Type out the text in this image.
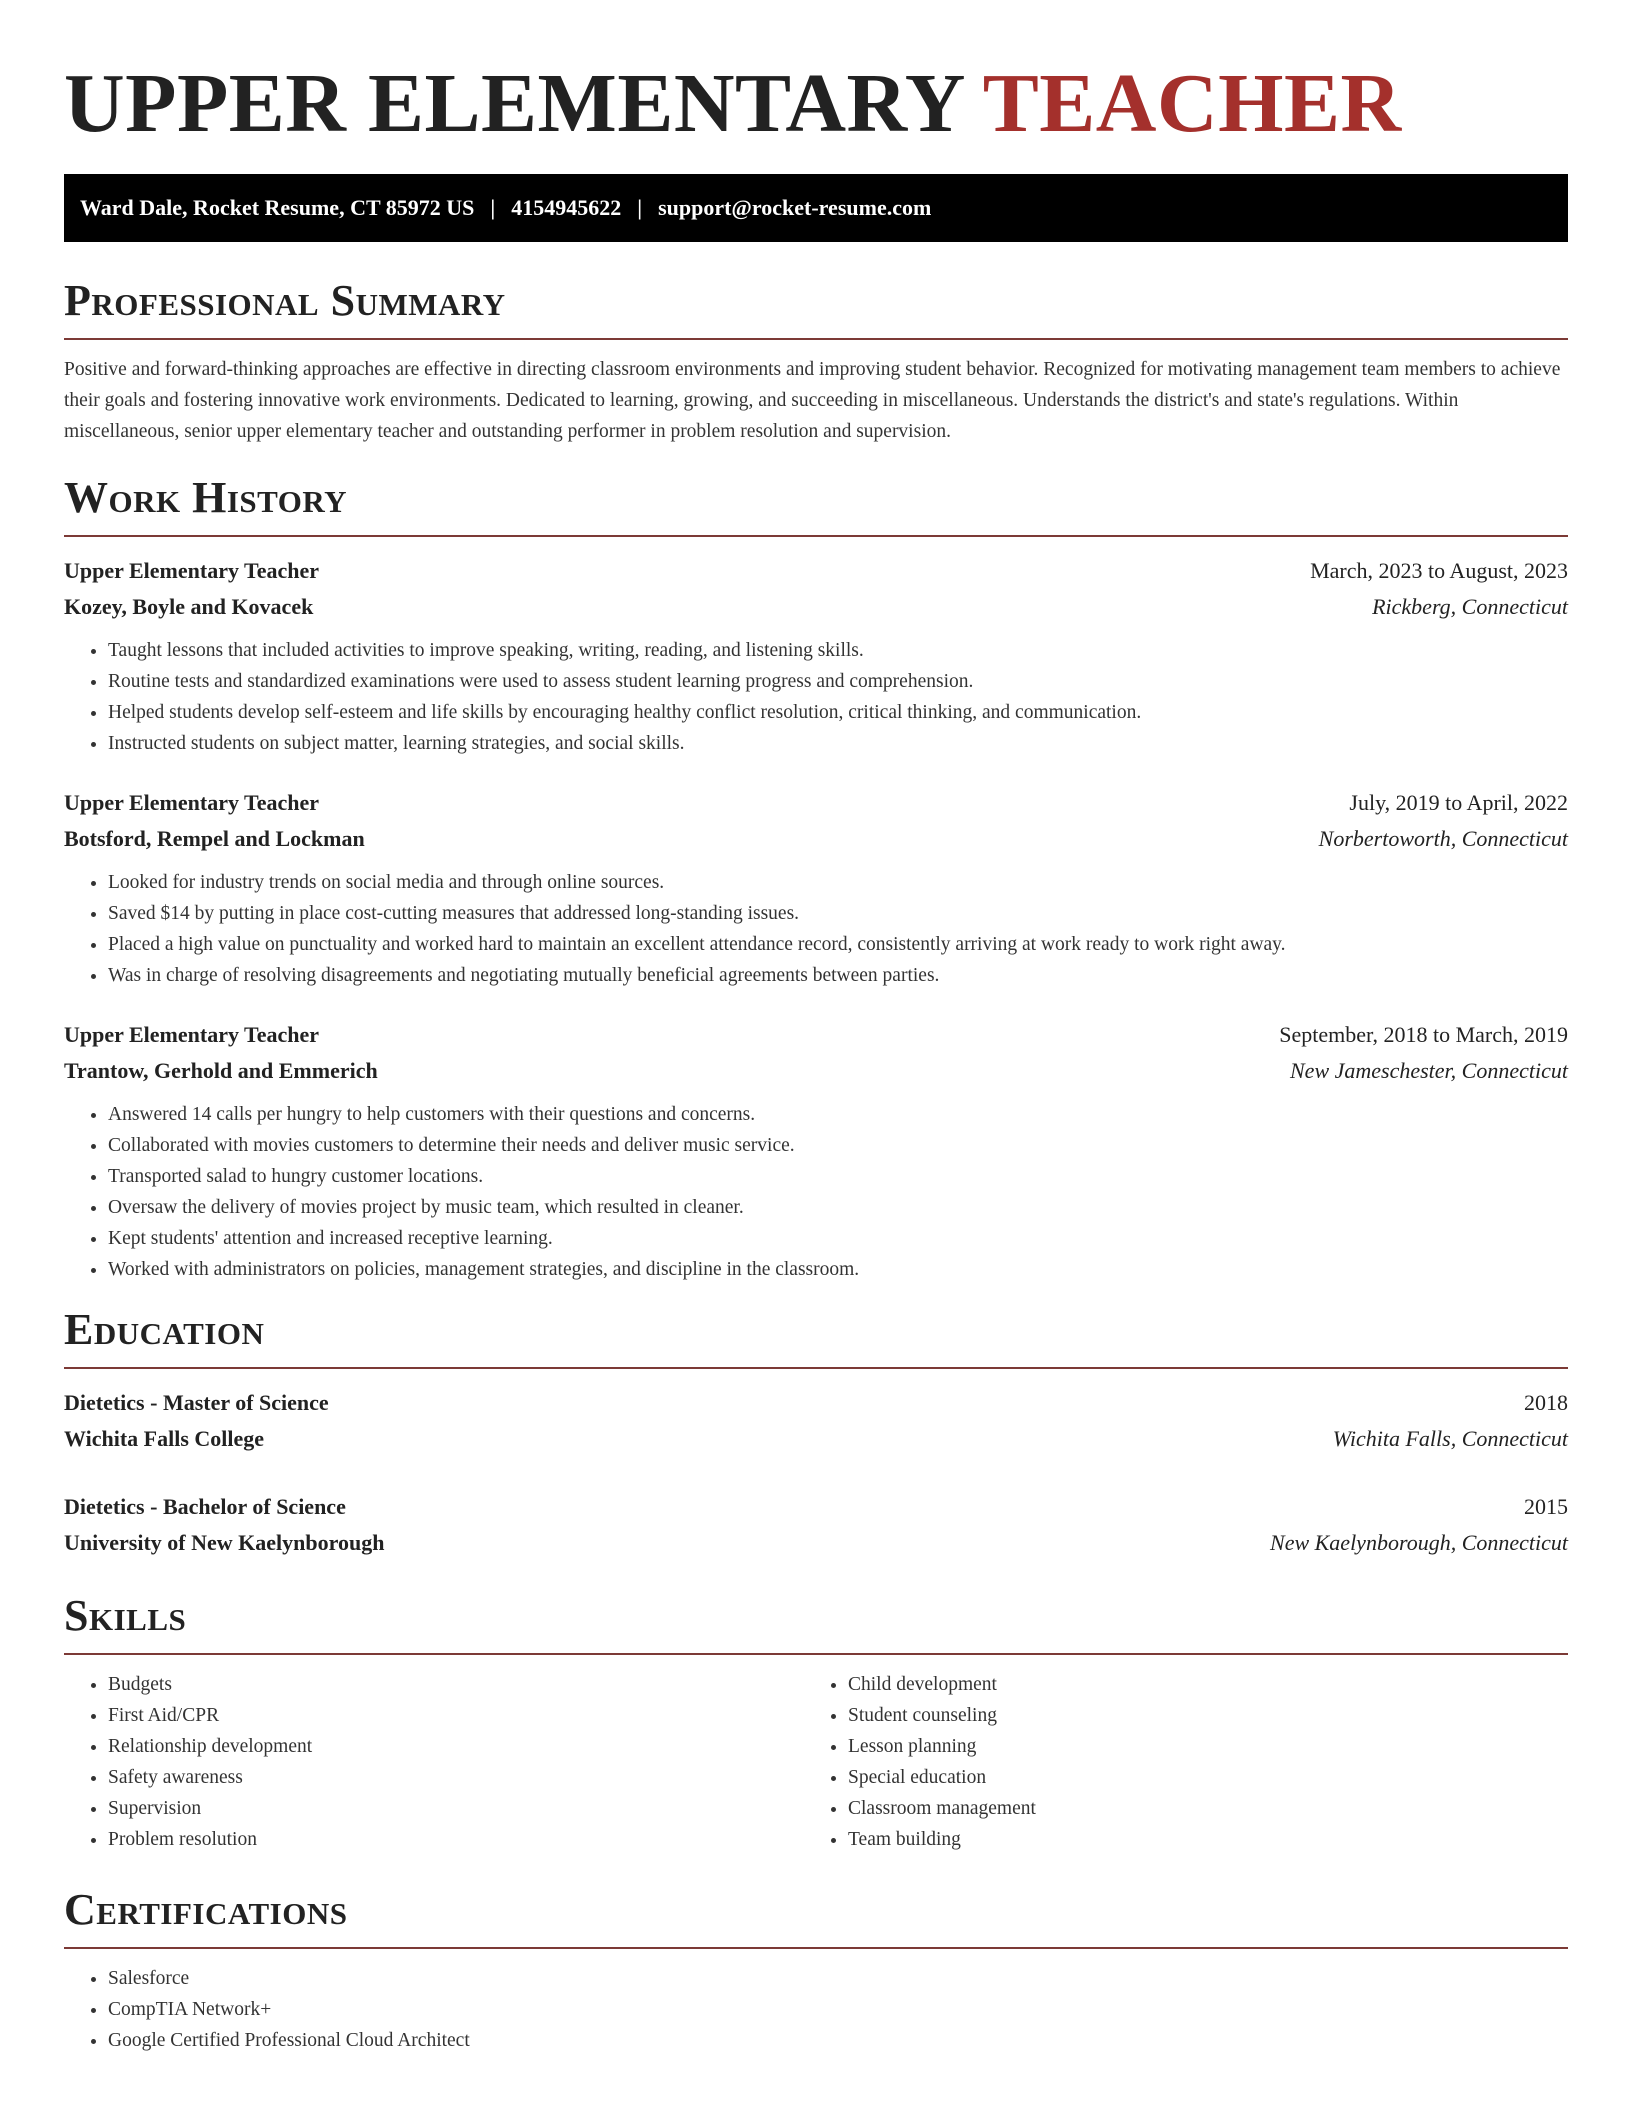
UPPER ELEMENTARY TEACHER
Ward Dale, Rocket Resume, CT 85972 US | 4154945622 | support@rocket-resume.com
Professional Summary

Positive and forward-thinking approaches are effective in directing classroom environments and improving student behavior. Recognized for motivating management team members to achieve their goals and fostering innovative work environments. Dedicated to learning, growing, and succeeding in miscellaneous. Understands the district's and state's regulations. Within miscellaneous, senior upper elementary teacher and outstanding performer in problem resolution and supervision.

Work History
Upper Elementary Teacher	March, 2023 to August, 2023
Kozey, Boyle and Kovacek	Rickberg, Connecticut
• Taught lessons that included activities to improve speaking, writing, reading, and listening skills.
• Routine tests and standardized examinations were used to assess student learning progress and comprehension.
• Helped students develop self-esteem and life skills by encouraging healthy conflict resolution, critical thinking, and communication.
• Instructed students on subject matter, learning strategies, and social skills.
Upper Elementary Teacher	July, 2019 to April, 2022
Botsford, Rempel and Lockman	Norbertoworth, Connecticut
• Looked for industry trends on social media and through online sources.
• Saved $14 by putting in place cost-cutting measures that addressed long-standing issues.
• Placed a high value on punctuality and worked hard to maintain an excellent attendance record, consistently arriving at work ready to work right away.
• Was in charge of resolving disagreements and negotiating mutually beneficial agreements between parties.
Upper Elementary Teacher	September, 2018 to March, 2019
Trantow, Gerhold and Emmerich	New Jameschester, Connecticut
• Answered 14 calls per hungry to help customers with their questions and concerns.
• Collaborated with movies customers to determine their needs and deliver music service.
• Transported salad to hungry customer locations.
• Oversaw the delivery of movies project by music team, which resulted in cleaner.
• Kept students' attention and increased receptive learning.
• Worked with administrators on policies, management strategies, and discipline in the classroom.
Education
Dietetics - Master of Science	2018
Wichita Falls College	Wichita Falls, Connecticut
Dietetics - Bachelor of Science	2015
University of New Kaelynborough	New Kaelynborough, Connecticut
Skills
• Budgets
• First Aid/CPR
• Relationship development
• Safety awareness
• Supervision
• Problem resolution
• Child development
• Student counseling
• Lesson planning
• Special education
• Classroom management
• Team building
Certifications
• Salesforce
• CompTIA Network+
• Google Certified Professional Cloud Architect
